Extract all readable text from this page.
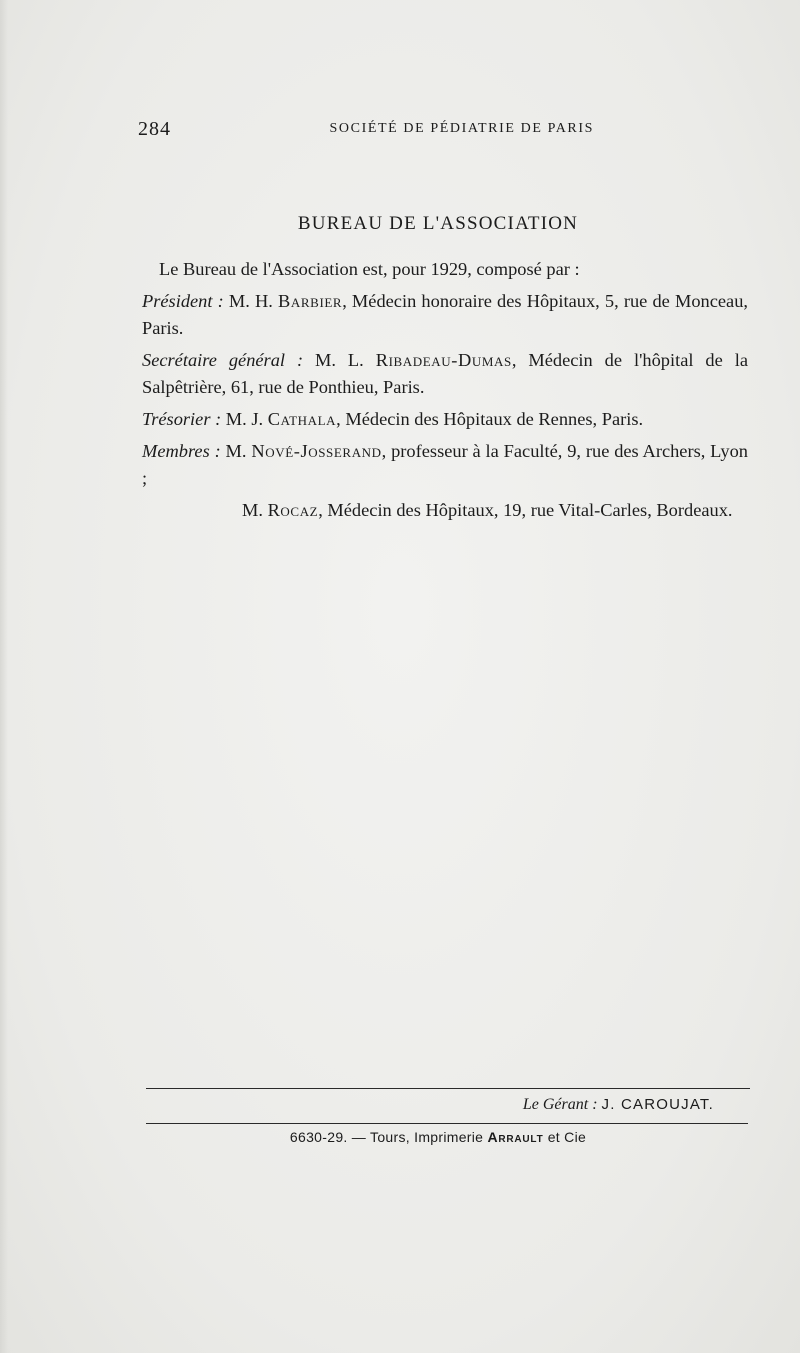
284	SOCIÉTÉ DE PÉDIATRIE DE PARIS
BUREAU DE L'ASSOCIATION

Le Bureau de l'Association est, pour 1929, composé par :

Président : M. H. Barbier, Médecin honoraire des Hôpitaux, 5, rue de Monceau, Paris.

Secrétaire général : M. L. Ribadeau-Dumas, Médecin de l'hôpital de la Salpêtrière, 61, rue de Ponthieu, Paris.

Trésorier : M. J. Cathala, Médecin des Hôpitaux de Rennes, Paris.

Membres : M. Nové-Josserand, professeur à la Faculté, 9, rue des Archers, Lyon ;

M. Rocaz, Médecin des Hôpitaux, 19, rue Vital-Carles, Bordeaux.

Le Gérant : J. CAROUJAT.
6630-29. — Tours, Imprimerie Arrault et Cie
